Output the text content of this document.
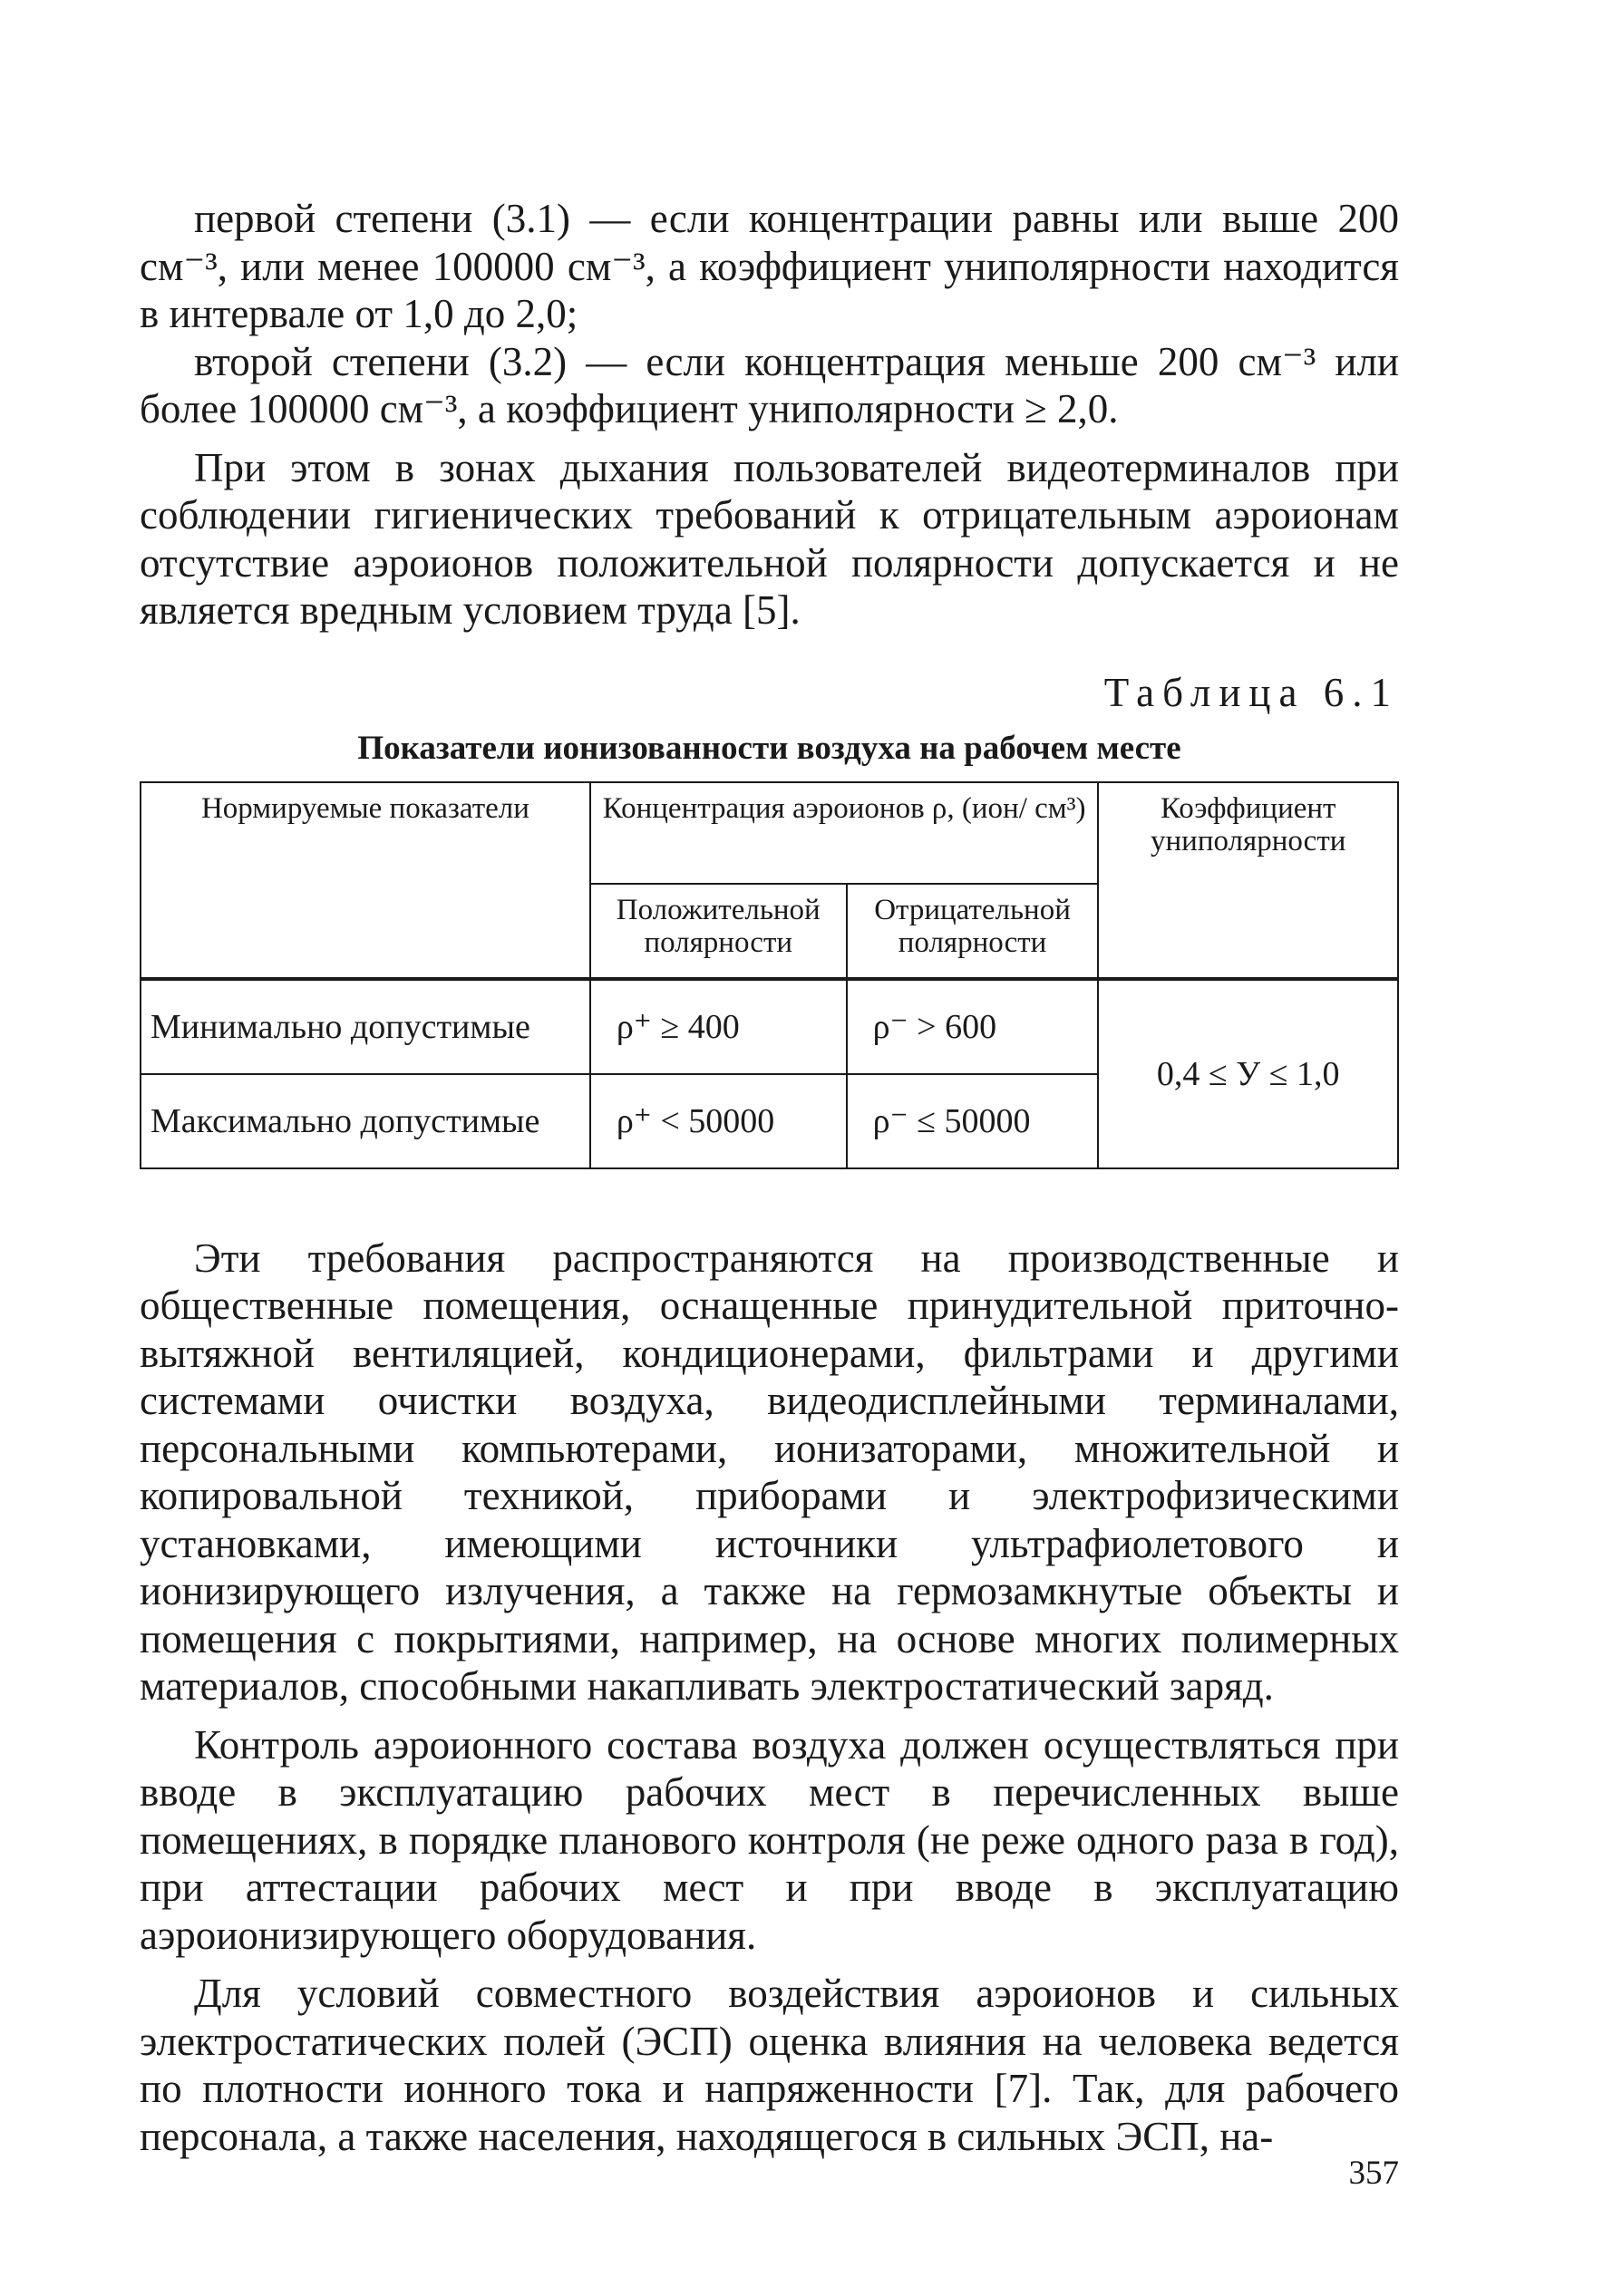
первой степени (3.1) — если концентрации равны или выше 200 см⁻³, или менее 100000 см⁻³, а коэффициент униполярности находится в интервале от 1,0 до 2,0;

второй степени (3.2) — если концентрация меньше 200 см⁻³ или более 100000 см⁻³, а коэффициент униполярности ≥ 2,0.

При этом в зонах дыхания пользователей видеотерминалов при соблюдении гигиенических требований к отрицательным аэроионам отсутствие аэроионов положительной полярности допускается и не является вредным условием труда [5].

Таблица 6.1
Показатели ионизованности воздуха на рабочем месте
Нормируемые показатели	Концентрация аэроионов ρ, (ион/ см³)		Коэффициент униполярности
	Положительной полярности	Отрицательной полярности	
Минимально допустимые	ρ⁺ ≥ 400	ρ⁻ > 600	0,4 ≤ У ≤ 1,0
Максимально допустимые	ρ⁺ < 50000	ρ⁻ ≤ 50000	

Эти требования распространяются на производственные и общественные помещения, оснащенные принудительной приточно-вытяжной вентиляцией, кондиционерами, фильтрами и другими системами очистки воздуха, видеодисплейными терминалами, персональными компьютерами, ионизаторами, множительной и копировальной техникой, приборами и электрофизическими установками, имеющими источники ультрафиолетового и ионизирующего излучения, а также на гермозамкнутые объекты и помещения с покрытиями, например, на основе многих полимерных материалов, способными накапливать электростатический заряд.

Контроль аэроионного состава воздуха должен осуществляться при вводе в эксплуатацию рабочих мест в перечисленных выше помещениях, в порядке планового контроля (не реже одного раза в год), при аттестации рабочих мест и при вводе в эксплуатацию аэроионизирующего оборудования.

Для условий совместного воздействия аэроионов и сильных электростатических полей (ЭСП) оценка влияния на человека ведется по плотности ионного тока и напряженности [7]. Так, для рабочего персонала, а также населения, находящегося в сильных ЭСП, на-

357
